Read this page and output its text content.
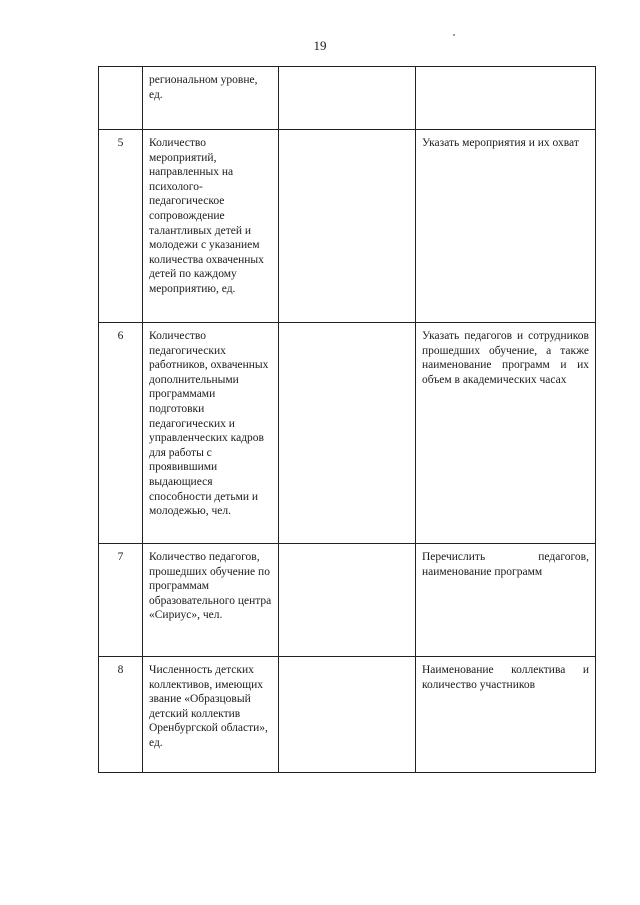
19
	региональном уровне, ед.		
5	Количество мероприятий, направленных на психолого-педагогическое сопровождение талантливых детей и молодежи с указанием количества охваченных детей по каждому мероприятию, ед.		Указать мероприятия и их охват
6	Количество педагогических работников, охваченных дополнительными программами подготовки педагогических и управленческих кадров для работы с проявившими выдающиеся способности детьми и молодежью, чел.		Указать педагогов и сотрудников прошедших обучение, а также наименование программ и их объем в академических часах
7	Количество педагогов, прошедших обучение по программам образовательного центра «Сириус», чел.		Перечислить педагогов, наименование программ
8	Численность детских коллективов, имеющих звание «Образцовый детский коллектив Оренбургской области», ед.		Наименование коллектива и количество участников
